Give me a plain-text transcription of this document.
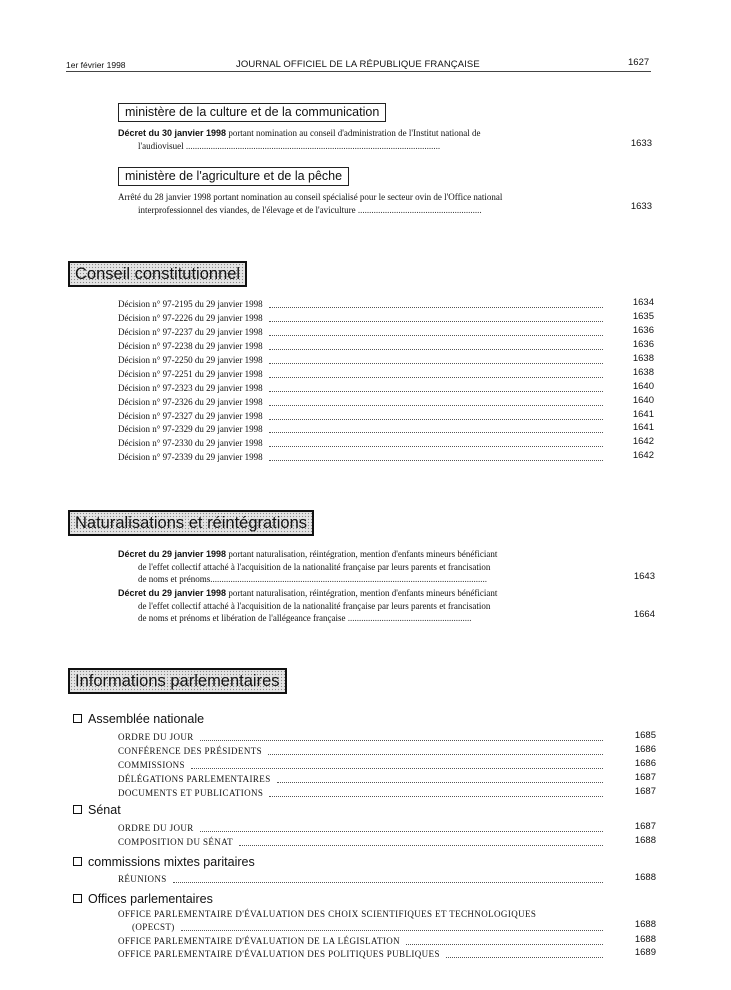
1er février 1998	JOURNAL OFFICIEL DE LA RÉPUBLIQUE FRANÇAISE	1627
ministère de la culture et de la communication
Décret du 30 janvier 1998 portant nomination au conseil d'administration de l'Institut national de
l'audiovisuel .................................................................................................................	1633
ministère de l'agriculture et de la pêche
Arrêté du 28 janvier 1998 portant nomination au conseil spécialisé pour le secteur ovin de l'Office national
interprofessionnel des viandes, de l'élevage et de l'aviculture .......................................................	1633
Conseil constitutionnel
Décision n° 97-2195 du 29 janvier 1998	1634
Décision n° 97-2226 du 29 janvier 1998	1635
Décision n° 97-2237 du 29 janvier 1998	1636
Décision n° 97-2238 du 29 janvier 1998	1636
Décision n° 97-2250 du 29 janvier 1998	1638
Décision n° 97-2251 du 29 janvier 1998	1638
Décision n° 97-2323 du 29 janvier 1998	1640
Décision n° 97-2326 du 29 janvier 1998	1640
Décision n° 97-2327 du 29 janvier 1998	1641
Décision n° 97-2329 du 29 janvier 1998	1641
Décision n° 97-2330 du 29 janvier 1998	1642
Décision n° 97-2339 du 29 janvier 1998	1642
Naturalisations et réintégrations
Décret du 29 janvier 1998 portant naturalisation, réintégration, mention d'enfants mineurs bénéficiant
de l'effet collectif attaché à l'acquisition de la nationalité française par leurs parents et francisation
de noms et prénoms...........................................................................................................................	1643
Décret du 29 janvier 1998 portant naturalisation, réintégration, mention d'enfants mineurs bénéficiant
de l'effet collectif attaché à l'acquisition de la nationalité française par leurs parents et francisation
de noms et prénoms et libération de l'allégeance française .......................................................	1664
Informations parlementaires
Assemblée nationale
ORDRE DU JOUR	1685
CONFÉRENCE DES PRÉSIDENTS	1686
COMMISSIONS	1686
DÉLÉGATIONS PARLEMENTAIRES	1687
DOCUMENTS ET PUBLICATIONS	1687
Sénat
ORDRE DU JOUR	1687
COMPOSITION DU SÉNAT	1688
commissions mixtes paritaires
RÉUNIONS	1688
Offices parlementaires
OFFICE PARLEMENTAIRE D'ÉVALUATION DES CHOIX SCIENTIFIQUES ET TECHNOLOGIQUES
(OPECST)	1688
OFFICE PARLEMENTAIRE D'ÉVALUATION DE LA LÉGISLATION	1688
OFFICE PARLEMENTAIRE D'ÉVALUATION DES POLITIQUES PUBLIQUES	1689
